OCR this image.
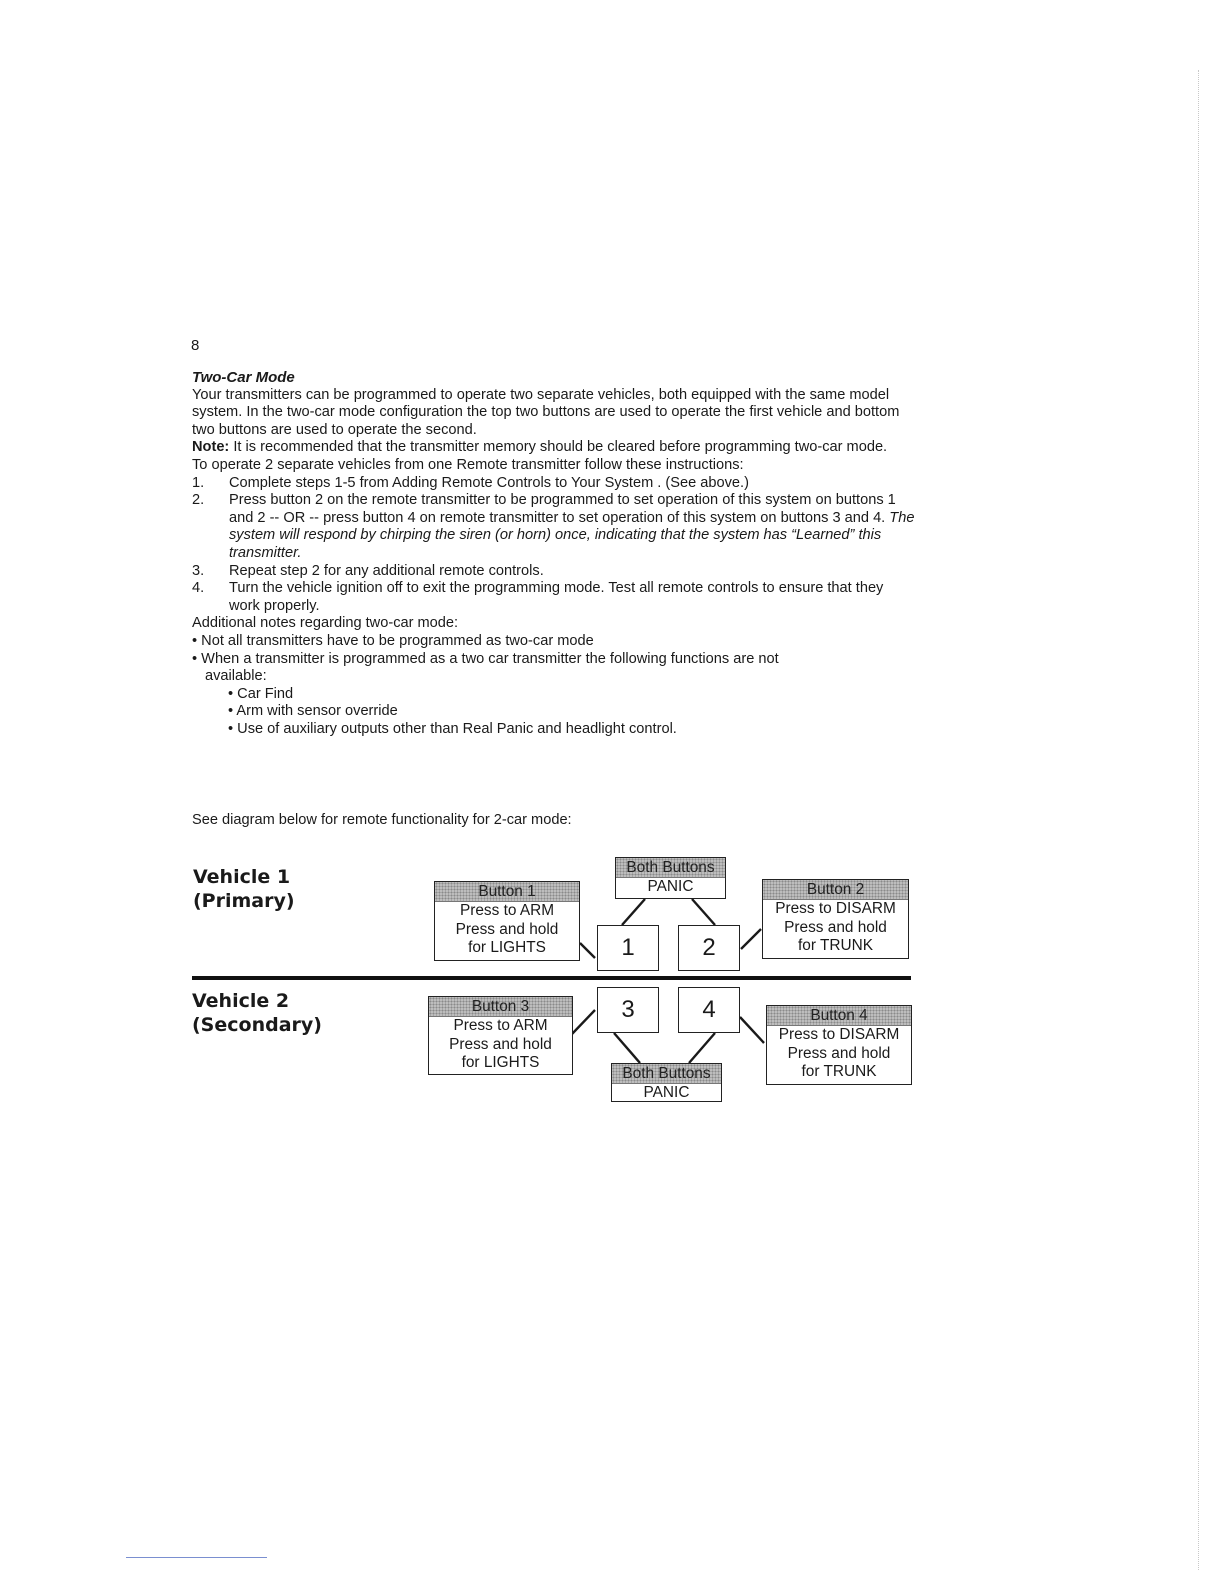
8
Two-Car Mode

Your transmitters can be programmed to operate two separate vehicles, both equipped with the same model system. In the two-car mode configuration the top two buttons are used to operate the first vehicle and bottom two buttons are used to operate the second.

Note: It is recommended that the transmitter memory should be cleared before programming two-car mode.

To operate 2 separate vehicles from one Remote transmitter follow these instructions:

1.	Complete steps 1-5 from Adding Remote Controls to Your System . (See above.)
2.	Press button 2 on the remote transmitter to be programmed to set operation of this system on buttons 1 and 2 -- OR -- press button 4 on remote transmitter to set operation of this system on buttons 3 and 4. The system will respond by chirping the siren (or horn) once, indicating that the system has “Learned” this transmitter.
3.	Repeat step 2 for any additional remote controls.
4.	Turn the vehicle ignition off to exit the programming mode. Test all remote controls to ensure that they work properly.

Additional notes regarding two-car mode:

• Not all transmitters have to be programmed as two-car mode

• When a transmitter is programmed as a two car transmitter the following functions are not

available:

• Car Find

• Arm with sensor override

• Use of auxiliary outputs other than Real Panic and headlight control.

See diagram below for remote functionality for 2-car mode:
Vehicle 1
(Primary)
Vehicle 2
(Secondary)
1	2
3	4
Both Buttons
PANIC
Both Buttons
PANIC
Button 1
Press to ARM
Press and hold
for LIGHTS
Button 2
Press to DISARM
Press and hold
for TRUNK
Button 3
Press to ARM
Press and hold
for LIGHTS
Button 4
Press to DISARM
Press and hold
for TRUNK
